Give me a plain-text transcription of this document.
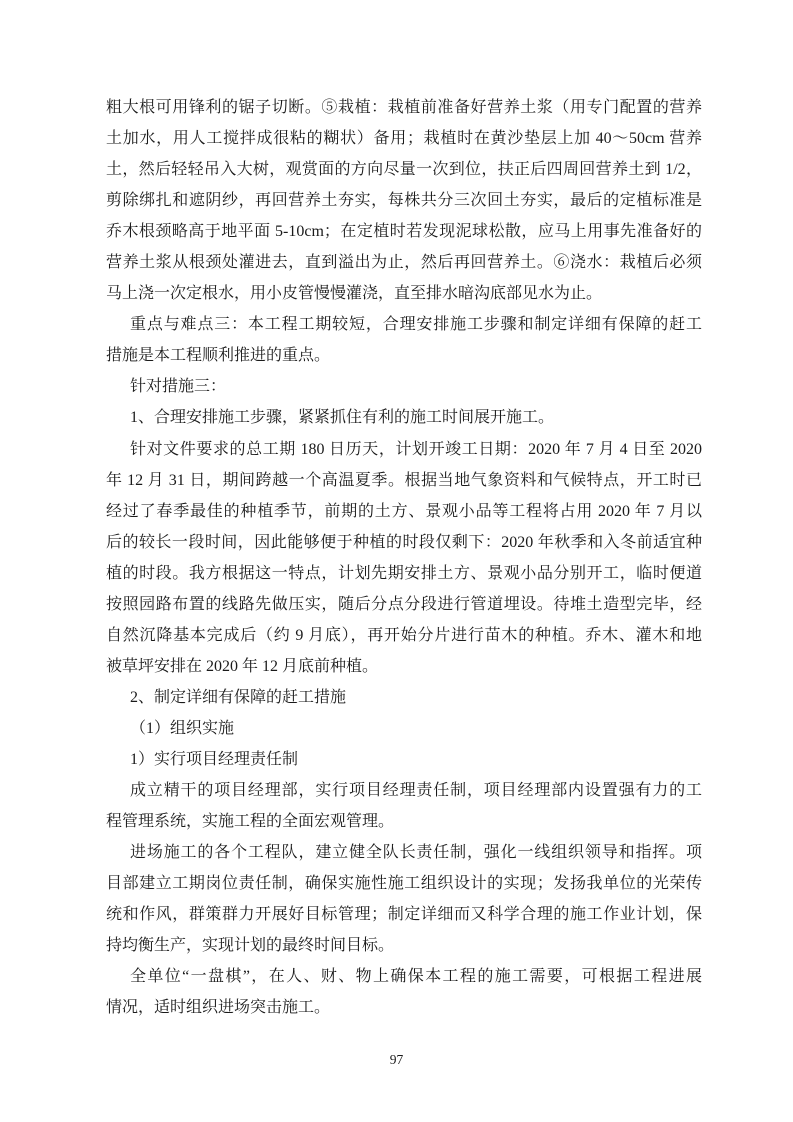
粗大根可用锋利的锯子切断。⑤栽植：栽植前准备好营养土浆（用专门配置的营养
土加水，用人工搅拌成很粘的糊状）备用；栽植时在黄沙垫层上加 40～50cm 营养
土，然后轻轻吊入大树，观赏面的方向尽量一次到位，扶正后四周回营养土到 1/2，
剪除绑扎和遮阴纱，再回营养土夯实，每株共分三次回土夯实，最后的定植标准是
乔木根颈略高于地平面 5-10cm；在定植时若发现泥球松散，应马上用事先准备好的
营养土浆从根颈处灌进去，直到溢出为止，然后再回营养土。⑥浇水：栽植后必须
马上浇一次定根水，用小皮管慢慢灌浇，直至排水暗沟底部见水为止。
重点与难点三：本工程工期较短，合理安排施工步骤和制定详细有保障的赶工
措施是本工程顺利推进的重点。
针对措施三：
1、合理安排施工步骤，紧紧抓住有利的施工时间展开施工。
针对文件要求的总工期 180 日历天，计划开竣工日期：2020 年 7 月 4 日至 2020
年 12 月 31 日，期间跨越一个高温夏季。根据当地气象资料和气候特点，开工时已
经过了春季最佳的种植季节，前期的土方、景观小品等工程将占用 2020 年 7 月以
后的较长一段时间，因此能够便于种植的时段仅剩下：2020 年秋季和入冬前适宜种
植的时段。我方根据这一特点，计划先期安排土方、景观小品分别开工，临时便道
按照园路布置的线路先做压实，随后分点分段进行管道埋设。待堆土造型完毕，经
自然沉降基本完成后（约 9 月底），再开始分片进行苗木的种植。乔木、灌木和地
被草坪安排在 2020 年 12 月底前种植。
2、制定详细有保障的赶工措施
（1）组织实施
1）实行项目经理责任制
成立精干的项目经理部，实行项目经理责任制，项目经理部内设置强有力的工
程管理系统，实施工程的全面宏观管理。
进场施工的各个工程队，建立健全队长责任制，强化一线组织领导和指挥。项
目部建立工期岗位责任制，确保实施性施工组织设计的实现；发扬我单位的光荣传
统和作风，群策群力开展好目标管理；制定详细而又科学合理的施工作业计划，保
持均衡生产，实现计划的最终时间目标。
全单位“一盘棋”，在人、财、物上确保本工程的施工需要，可根据工程进展
情况，适时组织进场突击施工。
97
